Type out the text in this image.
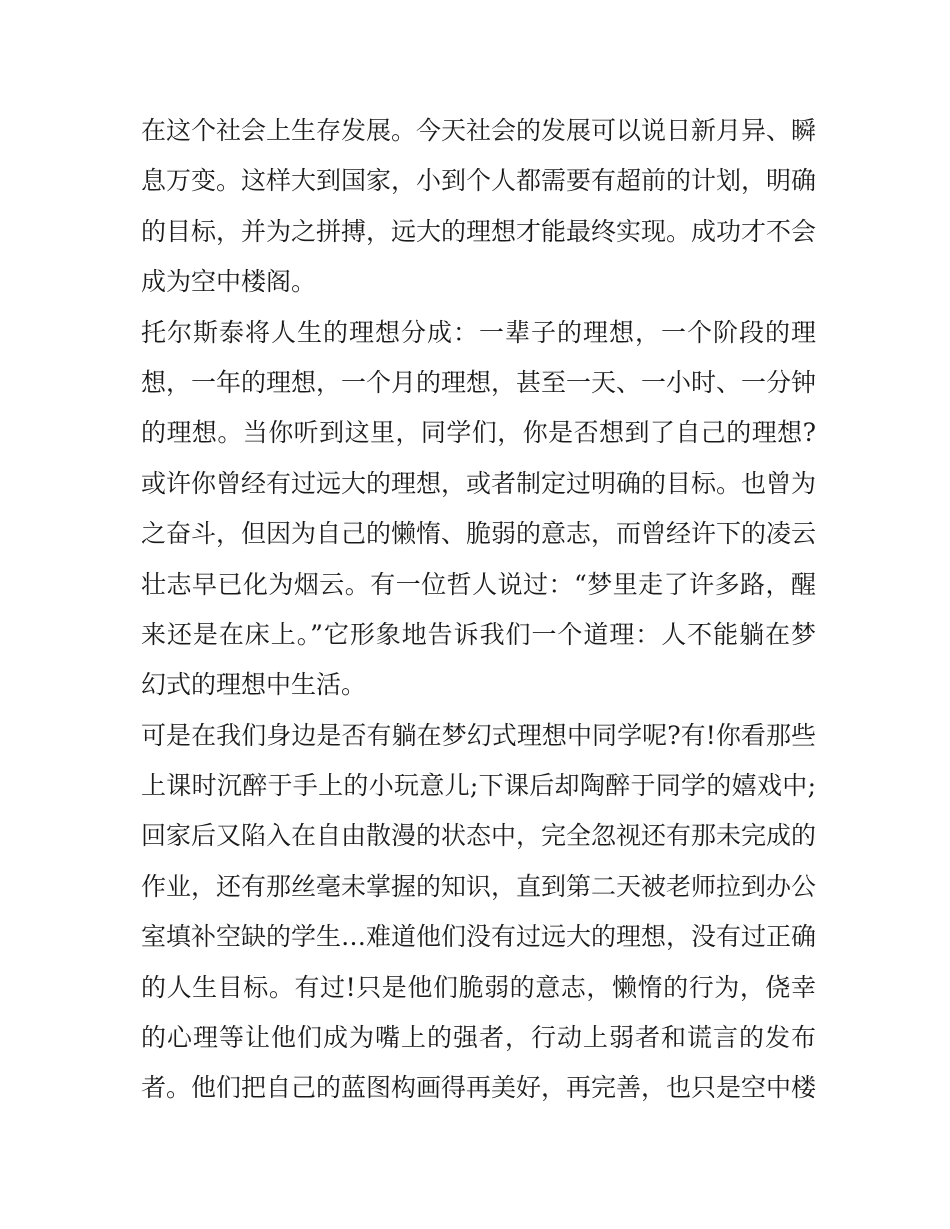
在这个社会上生存发展。今天社会的发展可以说日新月异、瞬
息万变。这样大到国家，小到个人都需要有超前的计划，明确
的目标，并为之拼搏，远大的理想才能最终实现。成功才不会
成为空中楼阁。
托尔斯泰将人生的理想分成：一辈子的理想，一个阶段的理
想，一年的理想，一个月的理想，甚至一天、一小时、一分钟
的理想。当你听到这里，同学们，你是否想到了自己的理想?
或许你曾经有过远大的理想，或者制定过明确的目标。也曾为
之奋斗，但因为自己的懒惰、脆弱的意志，而曾经许下的凌云
壮志早已化为烟云。有一位哲人说过：“梦里走了许多路，醒
来还是在床上。”它形象地告诉我们一个道理：人不能躺在梦
幻式的理想中生活。
可是在我们身边是否有躺在梦幻式理想中同学呢?有!你看那些
上课时沉醉于手上的小玩意儿;下课后却陶醉于同学的嬉戏中;
回家后又陷入在自由散漫的状态中，完全忽视还有那未完成的
作业，还有那丝毫未掌握的知识，直到第二天被老师拉到办公
室填补空缺的学生…难道他们没有过远大的理想，没有过正确
的人生目标。有过!只是他们脆弱的意志，懒惰的行为，侥幸
的心理等让他们成为嘴上的强者，行动上弱者和谎言的发布
者。他们把自己的蓝图构画得再美好，再完善，也只是空中楼
